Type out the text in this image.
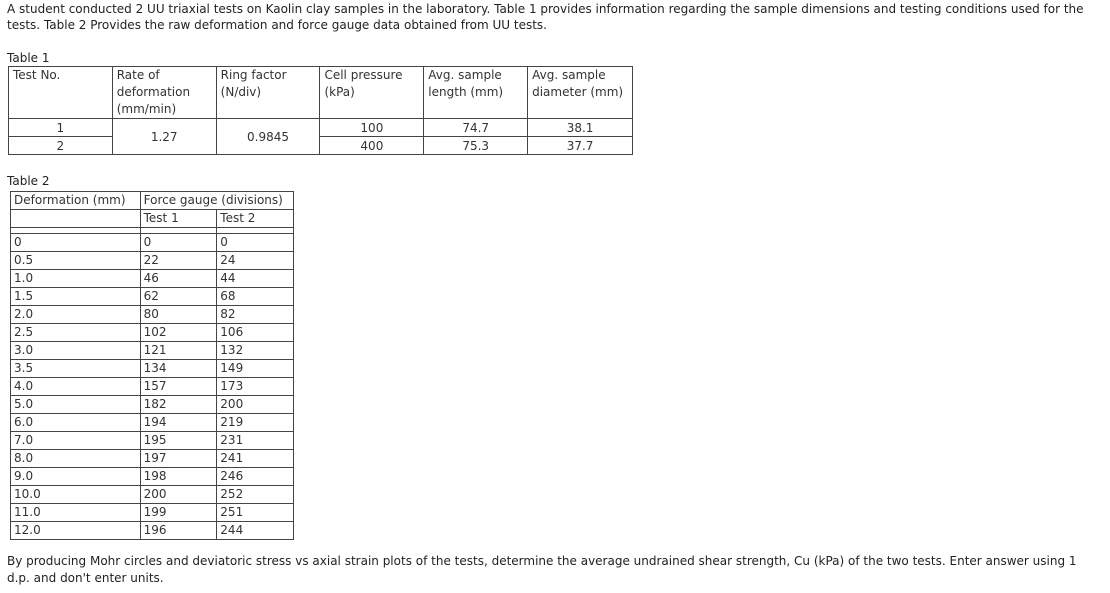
A student conducted 2 UU triaxial tests on Kaolin clay samples in the laboratory. Table 1 provides information regarding the sample dimensions and testing conditions used for the tests. Table 2 Provides the raw deformation and force gauge data obtained from UU tests.
Table 1
Test No.	Rate of deformation (mm/min)	Ring factor (N/div)	Cell pressure (kPa)	Avg. sample length (mm)	Avg. sample diameter (mm)
1	1.27	0.9845	100	74.7	38.1
2			400	75.3	37.7
Table 2
Deformation (mm)	Force gauge (divisions)	
	Test 1	Test 2

0	0	0
0.5	22	24
1.0	46	44
1.5	62	68
2.0	80	82
2.5	102	106
3.0	121	132
3.5	134	149
4.0	157	173
5.0	182	200
6.0	194	219
7.0	195	231
8.0	197	241
9.0	198	246
10.0	200	252
11.0	199	251
12.0	196	244
By producing Mohr circles and deviatoric stress vs axial strain plots of the tests, determine the average undrained shear strength, Cu (kPa) of the two tests. Enter answer using 1 d.p. and don't enter units.
